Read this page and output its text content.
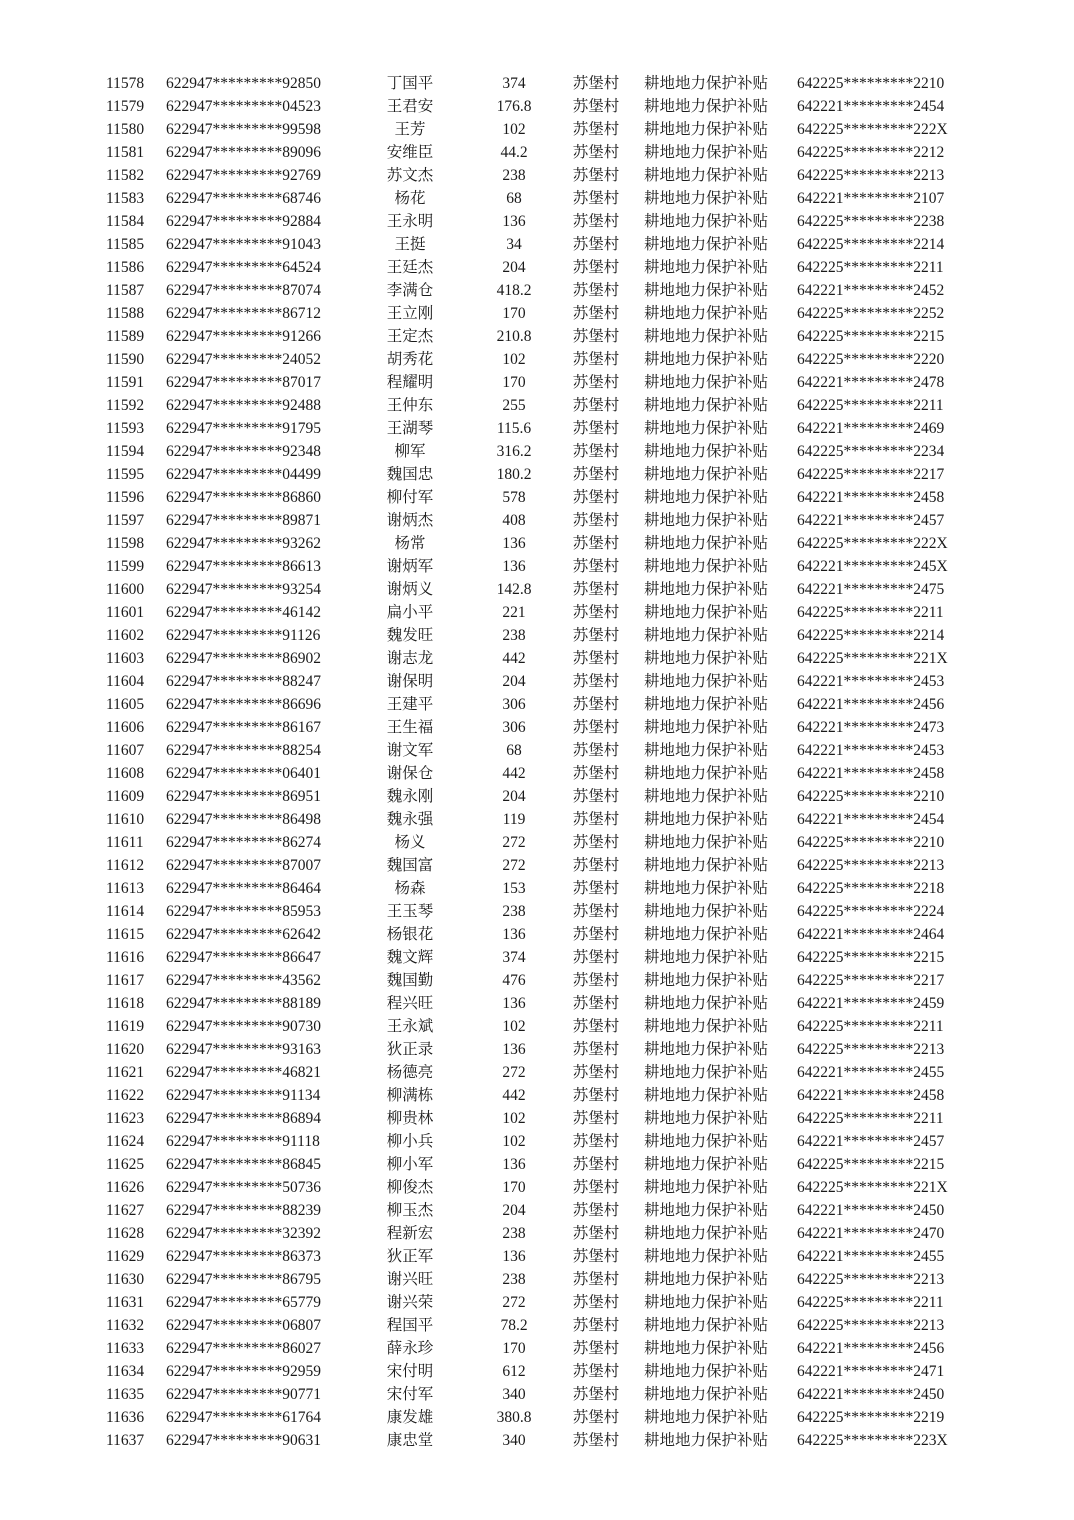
11578	622947*********92850	丁国平	374	苏堡村	耕地地力保护补贴	642225*********2210
11579	622947*********04523	王君安	176.8	苏堡村	耕地地力保护补贴	642221*********2454
11580	622947*********99598	王芳	102	苏堡村	耕地地力保护补贴	642225*********222X
11581	622947*********89096	安维臣	44.2	苏堡村	耕地地力保护补贴	642225*********2212
11582	622947*********92769	苏文杰	238	苏堡村	耕地地力保护补贴	642225*********2213
11583	622947*********68746	杨花	68	苏堡村	耕地地力保护补贴	642221*********2107
11584	622947*********92884	王永明	136	苏堡村	耕地地力保护补贴	642225*********2238
11585	622947*********91043	王挺	34	苏堡村	耕地地力保护补贴	642225*********2214
11586	622947*********64524	王廷杰	204	苏堡村	耕地地力保护补贴	642225*********2211
11587	622947*********87074	李满仓	418.2	苏堡村	耕地地力保护补贴	642221*********2452
11588	622947*********86712	王立刚	170	苏堡村	耕地地力保护补贴	642225*********2252
11589	622947*********91266	王定杰	210.8	苏堡村	耕地地力保护补贴	642225*********2215
11590	622947*********24052	胡秀花	102	苏堡村	耕地地力保护补贴	642225*********2220
11591	622947*********87017	程耀明	170	苏堡村	耕地地力保护补贴	642221*********2478
11592	622947*********92488	王仲东	255	苏堡村	耕地地力保护补贴	642225*********2211
11593	622947*********91795	王湖琴	115.6	苏堡村	耕地地力保护补贴	642221*********2469
11594	622947*********92348	柳军	316.2	苏堡村	耕地地力保护补贴	642225*********2234
11595	622947*********04499	魏国忠	180.2	苏堡村	耕地地力保护补贴	642225*********2217
11596	622947*********86860	柳付军	578	苏堡村	耕地地力保护补贴	642221*********2458
11597	622947*********89871	谢炳杰	408	苏堡村	耕地地力保护补贴	642221*********2457
11598	622947*********93262	杨常	136	苏堡村	耕地地力保护补贴	642225*********222X
11599	622947*********86613	谢炳军	136	苏堡村	耕地地力保护补贴	642221*********245X
11600	622947*********93254	谢炳义	142.8	苏堡村	耕地地力保护补贴	642221*********2475
11601	622947*********46142	扁小平	221	苏堡村	耕地地力保护补贴	642225*********2211
11602	622947*********91126	魏发旺	238	苏堡村	耕地地力保护补贴	642225*********2214
11603	622947*********86902	谢志龙	442	苏堡村	耕地地力保护补贴	642225*********221X
11604	622947*********88247	谢保明	204	苏堡村	耕地地力保护补贴	642221*********2453
11605	622947*********86696	王建平	306	苏堡村	耕地地力保护补贴	642221*********2456
11606	622947*********86167	王生福	306	苏堡村	耕地地力保护补贴	642221*********2473
11607	622947*********88254	谢文军	68	苏堡村	耕地地力保护补贴	642221*********2453
11608	622947*********06401	谢保仓	442	苏堡村	耕地地力保护补贴	642221*********2458
11609	622947*********86951	魏永刚	204	苏堡村	耕地地力保护补贴	642225*********2210
11610	622947*********86498	魏永强	119	苏堡村	耕地地力保护补贴	642221*********2454
11611	622947*********86274	杨义	272	苏堡村	耕地地力保护补贴	642225*********2210
11612	622947*********87007	魏国富	272	苏堡村	耕地地力保护补贴	642225*********2213
11613	622947*********86464	杨森	153	苏堡村	耕地地力保护补贴	642225*********2218
11614	622947*********85953	王玉琴	238	苏堡村	耕地地力保护补贴	642225*********2224
11615	622947*********62642	杨银花	136	苏堡村	耕地地力保护补贴	642221*********2464
11616	622947*********86647	魏文辉	374	苏堡村	耕地地力保护补贴	642225*********2215
11617	622947*********43562	魏国勤	476	苏堡村	耕地地力保护补贴	642225*********2217
11618	622947*********88189	程兴旺	136	苏堡村	耕地地力保护补贴	642221*********2459
11619	622947*********90730	王永斌	102	苏堡村	耕地地力保护补贴	642225*********2211
11620	622947*********93163	狄正录	136	苏堡村	耕地地力保护补贴	642225*********2213
11621	622947*********46821	杨德亮	272	苏堡村	耕地地力保护补贴	642221*********2455
11622	622947*********91134	柳满栋	442	苏堡村	耕地地力保护补贴	642221*********2458
11623	622947*********86894	柳贵林	102	苏堡村	耕地地力保护补贴	642225*********2211
11624	622947*********91118	柳小兵	102	苏堡村	耕地地力保护补贴	642221*********2457
11625	622947*********86845	柳小军	136	苏堡村	耕地地力保护补贴	642225*********2215
11626	622947*********50736	柳俊杰	170	苏堡村	耕地地力保护补贴	642225*********221X
11627	622947*********88239	柳玉杰	204	苏堡村	耕地地力保护补贴	642221*********2450
11628	622947*********32392	程新宏	238	苏堡村	耕地地力保护补贴	642221*********2470
11629	622947*********86373	狄正军	136	苏堡村	耕地地力保护补贴	642221*********2455
11630	622947*********86795	谢兴旺	238	苏堡村	耕地地力保护补贴	642225*********2213
11631	622947*********65779	谢兴荣	272	苏堡村	耕地地力保护补贴	642225*********2211
11632	622947*********06807	程国平	78.2	苏堡村	耕地地力保护补贴	642225*********2213
11633	622947*********86027	薛永珍	170	苏堡村	耕地地力保护补贴	642221*********2456
11634	622947*********92959	宋付明	612	苏堡村	耕地地力保护补贴	642221*********2471
11635	622947*********90771	宋付军	340	苏堡村	耕地地力保护补贴	642221*********2450
11636	622947*********61764	康发雄	380.8	苏堡村	耕地地力保护补贴	642225*********2219
11637	622947*********90631	康忠堂	340	苏堡村	耕地地力保护补贴	642225*********223X
